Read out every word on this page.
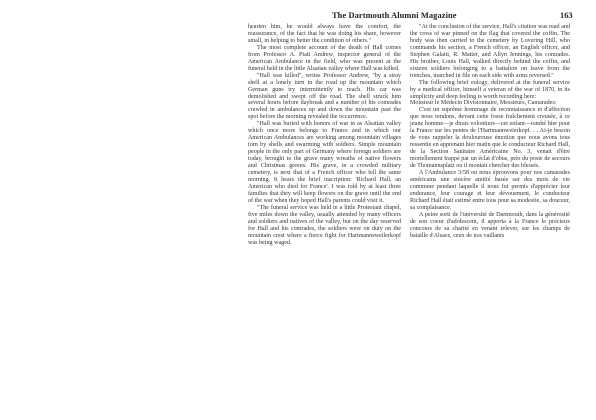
The Dartmouth Alumni Magazine	163

hearten him, he would always have the comfort, the reassurance, of the fact that he was doing his share, however small, in helping to better the condition of others."

The most complete account of the death of Hall comes from Professor A. Piatt Andrew, inspector general of the American Ambulance in the field, who was present at the funeral held in the little Alsatian valley where Hall was killed.

"Hall was killed", writes Professor Andrew, "by a stray shell at a lonely turn in the road up the mountain which German guns try intermittently to reach. His car was demolished and swept off the road. The shell struck him several hours before daybreak and a number of his comrades crawled in ambulances up and down the mountain past the spot before the morning revealed the occurrence.

"Hall was buried with honors of war in as Alsatian valley which once more belongs to France and in which our American Ambulances are working among mountain villages torn by shells and swarming with soldiers. Simple mountain people in the only part of Germany where foreign soldiers are today, brought to the grave many wreaths of native flowers and Christmas greens. His grave, in a crowded military cemetery, is next that of a French officer who fell the same morning. It bears the brief inscription: 'Richard Hall, an American who died for France'. I was told by at least three families that they will keep flowers on the grave until the end of the war when they hoped Hall's parents could visit it.

"The funeral service was held in a little Protestant chapel, five miles down the valley, usually attended by many officers and soldiers and natives of the valley, but on the day reserved for Hall and his comrades, the soldiers were on duty on the mountain crest where a fierce fight for Hartmannsweilerkopf was being waged.

"At the conclusion of the service, Hall's citation was read and the cross of war pinned on the flag that covered the coffin. The body was then carried to the cemetery by Lovering Hill, who commands his section, a French officer, an English officer, and Stephen Galatti, R. Matter, and Allyn Jennings, his comrades. His brother, Louis Hall, walked directly behind the coffin, and sixteen soldiers belonging to a battalion on leave from the trenches, marched in file on each side with arms reversed."

The following brief eulogy, delivered at the funeral service by a medical officer, himself a veteran of the war of 1870, in its simplicity and deep feeling is worth recording here:

Monsieur le Médecin Divisionnaire, Messieurs, Camarades:

C'est un suprême hommage de reconnaissance et d'affection que nous rendons, devant cette fosse fraîchement creusée, à ce jeune homme—je dirais volontiers—cet enfant—tombé hier pour la France sur les pentes de l'Hartmannweierkopf. . . Ai-je besoin de vous rappeler la douloureuse émotion que nous avons tous ressentie en apprenant hier matin que le conducteur Richard Hall, de la Section Sanitaire Américaine No. 3, venait d'être mortellement frappé par un éclat d'obus, près du poste de secours de Thomannsplatz ou il montait chercher des blessés.

A l'Ambulance 3/58 ou nous éprouvons pour nos camarades américains une sincère amitié basée sur des mois de vie commune pendant laquelle il nous fut permis d'apprécier leur endurance, leur courage et leur dévouement, le conducteur Richard Hall était estimé entre tous pour sa modestie, sa douceur, sa complaisance.

A peine sorti de l'université de Dartmouth, dans la générosité de son coeur d'adolescent, il apporta à la France le précieux concours de sa charité en venant relever, sur les champs de bataille d'Alsace, ceux de nos vaillants
